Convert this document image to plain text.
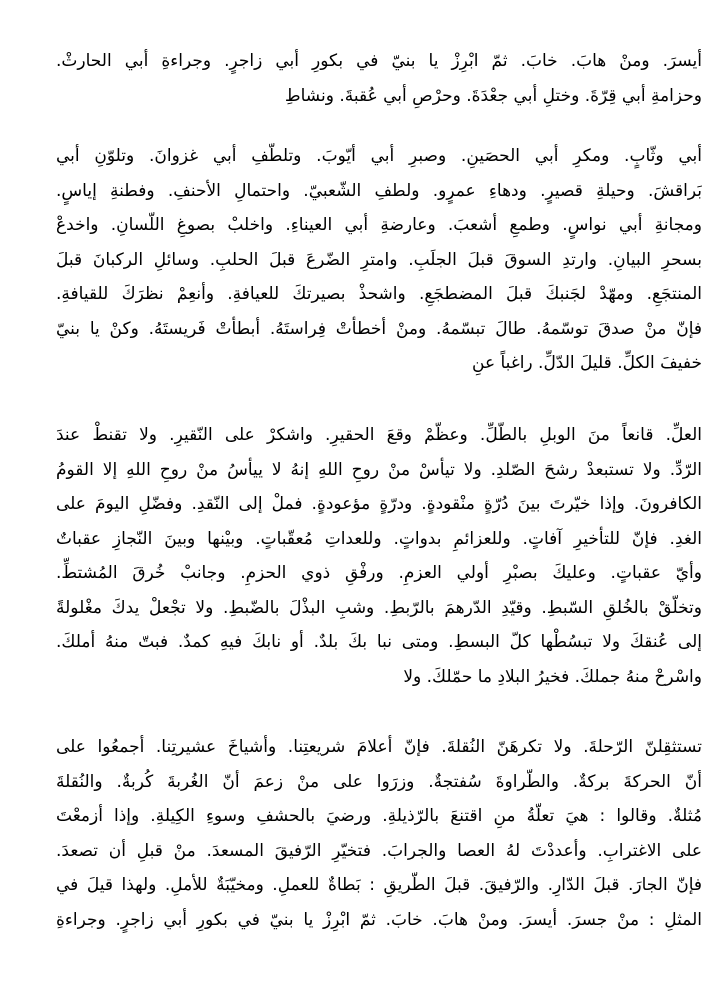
أيسرَ. ومنْ هابَ. خابَ. ثمّ ابْرِزْ يا بنيّ في بكورِ أبي زاجرٍ. وجراءةِ أبي الحارثْ.
وحزامةِ أبي قِرّةَ. وختلِ أبي جعْدَةَ. وحرْصِ أبي عُقبةَ. ونشاطِ
أبي وثّابٍ. ومكرِ أبي الحصَينِ. وصبرِ أبي أيّوبَ. وتلطّفِ أبي غزوانَ. وتلوّنِ أبي
بَراقشَ. وحيلةِ قصيرٍ. ودهاءِ عمرٍو. ولطفِ الشّعبيّ. واحتمالِ الأحنفِ. وفطنةِ إياسٍ.
ومجانةِ أبي نواسٍ. وطمعِ أشعبَ. وعارضةِ أبي العيناءِ. واخلبْ بصوغِ اللّسانِ. واخدعْ
بسحرِ البيانِ. وارتدِ السوقَ قبلَ الجلَبِ. وامترِ الضّرعَ قبلَ الحلبِ. وسائلِ الركبانَ قبلَ
المنتجَعِ. ومهّدْ لجَنبكَ قبلَ المضطجَعِ. واشحذْ بصيرتكَ للعيافةِ. وأنعِمْ نظرَكَ للقيافةِ.
فإنّ منْ صدقَ توسّمهُ. طالَ تبسّمهُ. ومنْ أخطأتْ فِراستَهُ. أبطأتْ فَريستَهُ. وكنْ يا بنيّ
خفيفَ الكلِّ. قليلَ الدّلِّ. راغباً عنِ
العلِّ. قانعاً منَ الوبلِ بالطّلِّ. وعظّمْ وقعَ الحقيرِ. واشكرْ على النّقيرِ. ولا تقنطْ عندَ
الرّدِّ. ولا تستبعدْ رشحَ الصّلدِ. ولا تيأسْ منْ روحِ اللهِ إنهُ لا ييأسُ منْ روحِ اللهِ إلا القومُ
الكافرونَ. وإذا خيّرتَ بينَ دُرّةٍ منْقودةٍ. ودرّةٍ مؤعودةٍ. فملْ إلى النّقدِ. وفضّلِ اليومَ على
الغدِ. فإنّ للتأخيرِ آفاتٍ. وللعزائمِ بدواتٍ. وللعداتِ مُعقّباتٍ. وبيْنها وبينَ النّجازِ عقباتٌ
وأيّ عقباتٍ. وعليكَ بصبْرِ أولي العزمِ. ورفْقِ ذوي الحزمِ. وجانبْ خُرقَ المُشتطِّ.
وتخلّقْ بالخُلقِ السّبطِ. وقيّدِ الدّرهمَ بالرّبطِ. وشبِ البذْلَ بالضّبطِ. ولا تجْعلْ يدكَ مغْلولةً
إلى عُنقكَ ولا تبسُطْها كلّ البسطِ. ومتى نبا بكَ بلدٌ. أو نابكَ فيهِ كمدٌ. فبتّ منهُ أملكَ.
واسْرحْ منهُ جملكَ. فخيرُ البلادِ ما حمّلكَ. ولا
تستثقِلنّ الرّحلةَ. ولا تكرهَنّ النُقلةَ. فإنّ أعلامَ شريعتِنا. وأشياخَ عشيرتِنا. أجمعُوا على
أنّ الحركةَ بركةٌ. والطّراوةَ سُفتجةٌ. وزرَوا على منْ زعمَ أنّ الغُربةَ كُربةٌ. والنُقلةَ
مُثلةٌ. وقالوا : هيَ تعلّةُ منِ اقتنعَ بالرّذيلةِ. ورضيَ بالحشفِ وسوءِ الكِيلةِ. وإذا أزمعْتَ
على الاغترابِ. وأعددْتَ لهُ العصا والجرابَ. فتخيّرِ الرّفيقَ المسعدَ. منْ قبلِ أن تصعدَ.
فإنّ الجارَ. قبلَ الدّارِ. والرّفيقَ. قبلَ الطّريقِ : بَطاةٌ للعملِ. ومخيّبَةٌ للأملِ. ولهذا قيلَ في
المثلِ : منْ جسرَ. أيسرَ. ومنْ هابَ. خابَ. ثمّ ابْرِزْ يا بنيّ في بكورِ أبي زاجرٍ. وجراءةِ
